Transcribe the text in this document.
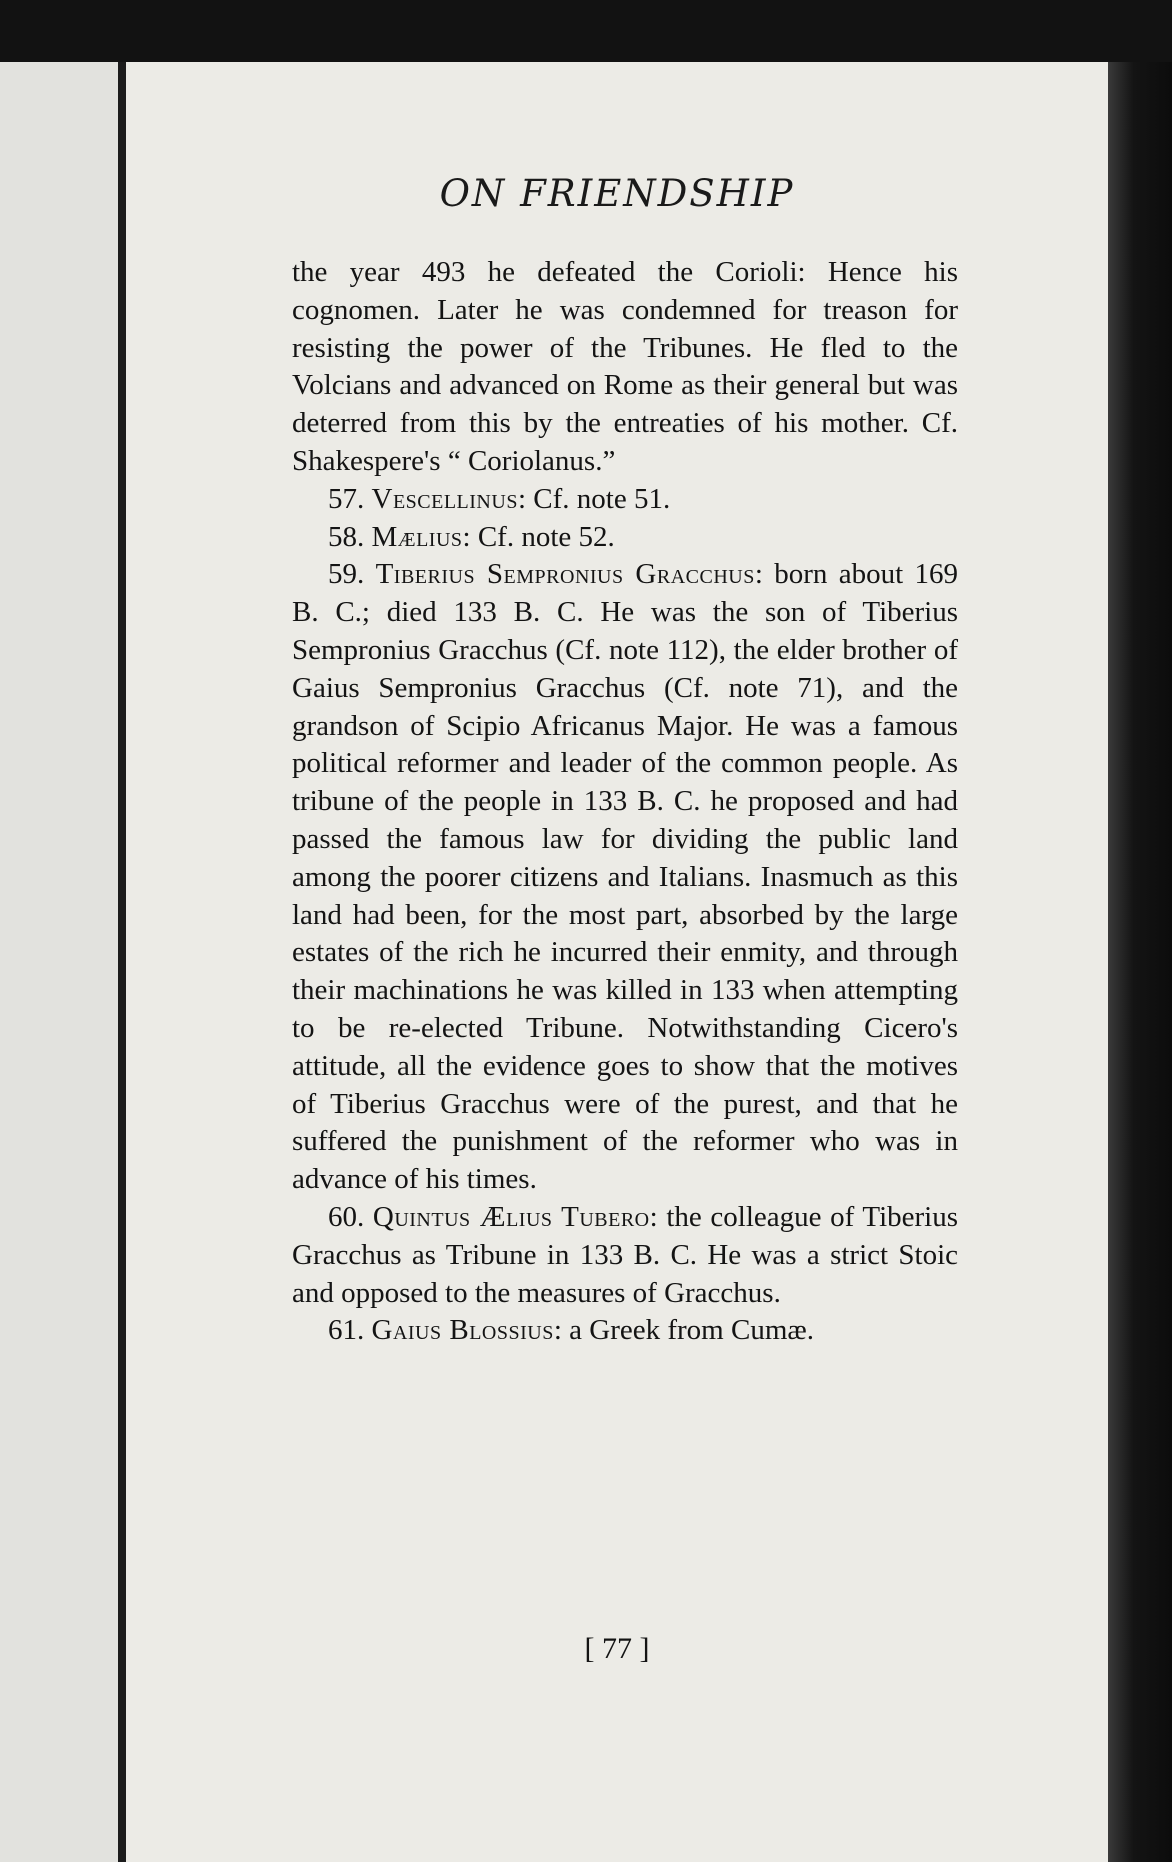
ON FRIENDSHIP

the year 493 he defeated the Corioli: Hence his cognomen. Later he was condemned for treason for resisting the power of the Tribunes. He fled to the Volcians and advanced on Rome as their general but was deterred from this by the entreaties of his mother. Cf. Shakespere's “ Coriolanus.”

57. Vescellinus: Cf. note 51.

58. Mælius: Cf. note 52.

59. Tiberius Sempronius Gracchus: born about 169 B. C.; died 133 B. C. He was the son of Tiberius Sempronius Gracchus (Cf. note 112), the elder brother of Gaius Sempronius Gracchus (Cf. note 71), and the grandson of Scipio Africanus Major. He was a famous political reformer and leader of the common people. As tribune of the people in 133 B. C. he proposed and had passed the famous law for dividing the public land among the poorer citizens and Italians. Inasmuch as this land had been, for the most part, absorbed by the large estates of the rich he incurred their enmity, and through their machinations he was killed in 133 when attempting to be re-elected Tribune. Notwithstanding Cicero's attitude, all the evidence goes to show that the motives of Tiberius Gracchus were of the purest, and that he suffered the punishment of the reformer who was in advance of his times.

60. Quintus Ælius Tubero: the colleague of Tiberius Gracchus as Tribune in 133 B. C. He was a strict Stoic and opposed to the measures of Gracchus.

61. Gaius Blossius: a Greek from Cumæ.

[ 77 ]
